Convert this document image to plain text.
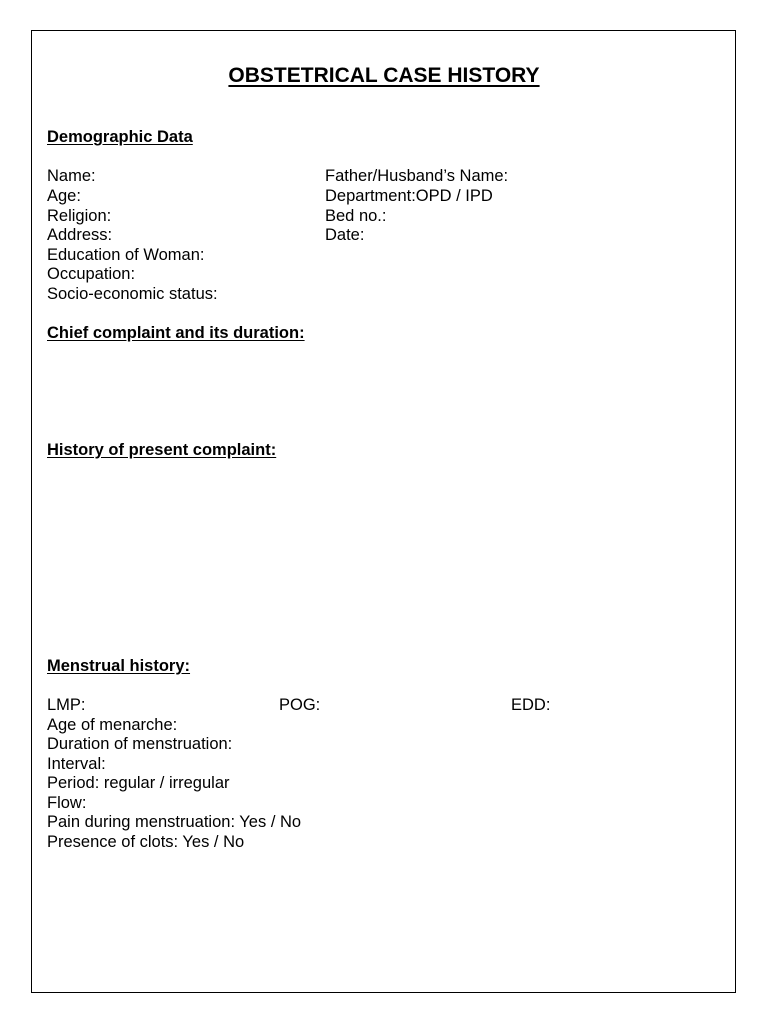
OBSTETRICAL CASE HISTORY
Demographic Data
Name:
Age:
Religion:
Address:
Education of Woman:
Occupation:
Socio-economic status:
Father/Husband’s Name:
Department:OPD / IPD
Bed no.:
Date:
Chief complaint and its duration:
History of present complaint:
Menstrual history:
LMP:	POG:	EDD:
Age of menarche:
Duration of menstruation:
Interval:
Period: regular / irregular
Flow:
Pain during menstruation: Yes / No
Presence of clots: Yes / No
